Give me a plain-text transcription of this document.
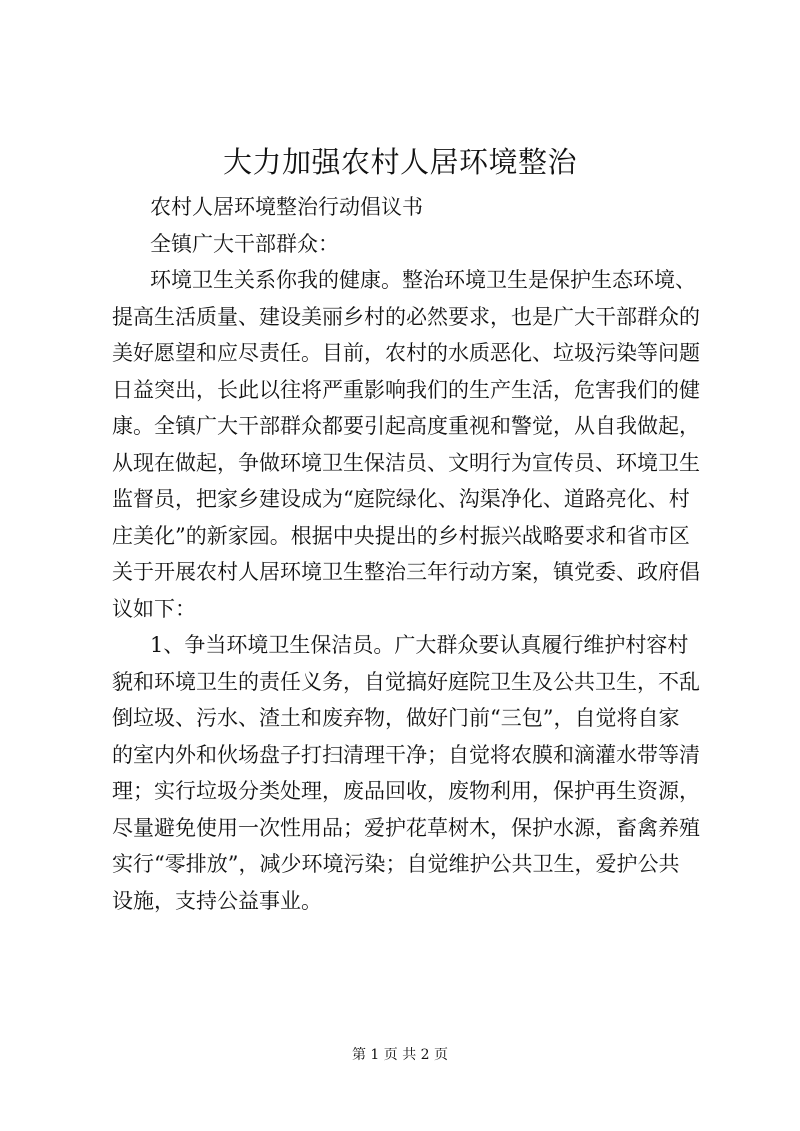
大力加强农村人居环境整治
农村人居环境整治行动倡议书
全镇广大干部群众：
环境卫生关系你我的健康。整治环境卫生是保护生态环境、
提高生活质量、建设美丽乡村的必然要求，也是广大干部群众的
美好愿望和应尽责任。目前，农村的水质恶化、垃圾污染等问题
日益突出，长此以往将严重影响我们的生产生活，危害我们的健
康。全镇广大干部群众都要引起高度重视和警觉，从自我做起，
从现在做起，争做环境卫生保洁员、文明行为宣传员、环境卫生
监督员，把家乡建设成为“庭院绿化、沟渠净化、道路亮化、村
庄美化”的新家园。根据中央提出的乡村振兴战略要求和省市区
关于开展农村人居环境卫生整治三年行动方案，镇党委、政府倡
议如下：
1、争当环境卫生保洁员。广大群众要认真履行维护村容村
貌和环境卫生的责任义务，自觉搞好庭院卫生及公共卫生，不乱
倒垃圾、污水、渣土和废弃物，做好门前“三包”，自觉将自家
的室内外和伙场盘子打扫清理干净；自觉将农膜和滴灌水带等清
理；实行垃圾分类处理，废品回收，废物利用，保护再生资源，
尽量避免使用一次性用品；爱护花草树木，保护水源，畜禽养殖
实行“零排放”，减少环境污染；自觉维护公共卫生，爱护公共
设施，支持公益事业。
第 1 页 共 2 页
